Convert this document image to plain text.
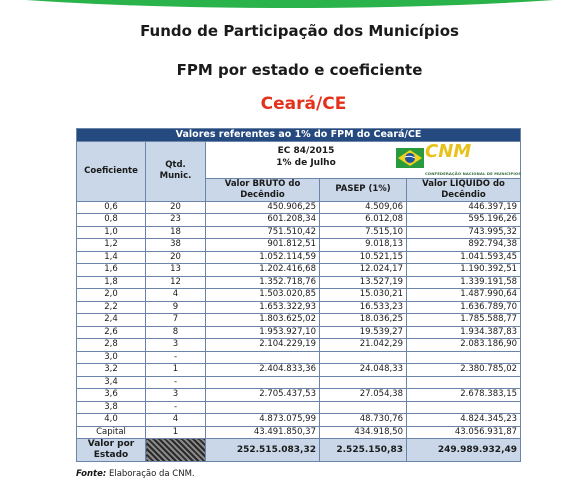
Fundo de Participação dos Municípios
FPM por estado e coeficiente
Ceará/CE
Valores referentes ao 1% do FPM do Ceará/CE				
Coeficiente	Qtd. Munic.	EC 84/2015
1% de Julho
CNM
CONFEDERAÇÃO NACIONAL DE MUNICÍPIOS		

		Valor BRUTO do Decêndio	PASEP (1%)	Valor LÍQUIDO do Decêndio
0,6	20	450.906,25	4.509,06	446.397,19
0,8	23	601.208,34	6.012,08	595.196,26
1,0	18	751.510,42	7.515,10	743.995,32
1,2	38	901.812,51	9.018,13	892.794,38
1,4	20	1.052.114,59	10.521,15	1.041.593,45
1,6	13	1.202.416,68	12.024,17	1.190.392,51
1,8	12	1.352.718,76	13.527,19	1.339.191,58
2,0	4	1.503.020,85	15.030,21	1.487.990,64
2,2	9	1.653.322,93	16.533,23	1.636.789,70
2,4	7	1.803.625,02	18.036,25	1.785.588,77
2,6	8	1.953.927,10	19.539,27	1.934.387,83
2,8	3	2.104.229,19	21.042,29	2.083.186,90
3,0	-			
3,2	1	2.404.833,36	24.048,33	2.380.785,02
3,4	-			
3,6	3	2.705.437,53	27.054,38	2.678.383,15
3,8	-			
4,0	4	4.873.075,99	48.730,76	4.824.345,23
Capital	1	43.491.850,37	434.918,50	43.056.931,87
Valor por Estado		252.515.083,32	2.525.150,83	249.989.932,49
Fonte: Elaboração da CNM.
